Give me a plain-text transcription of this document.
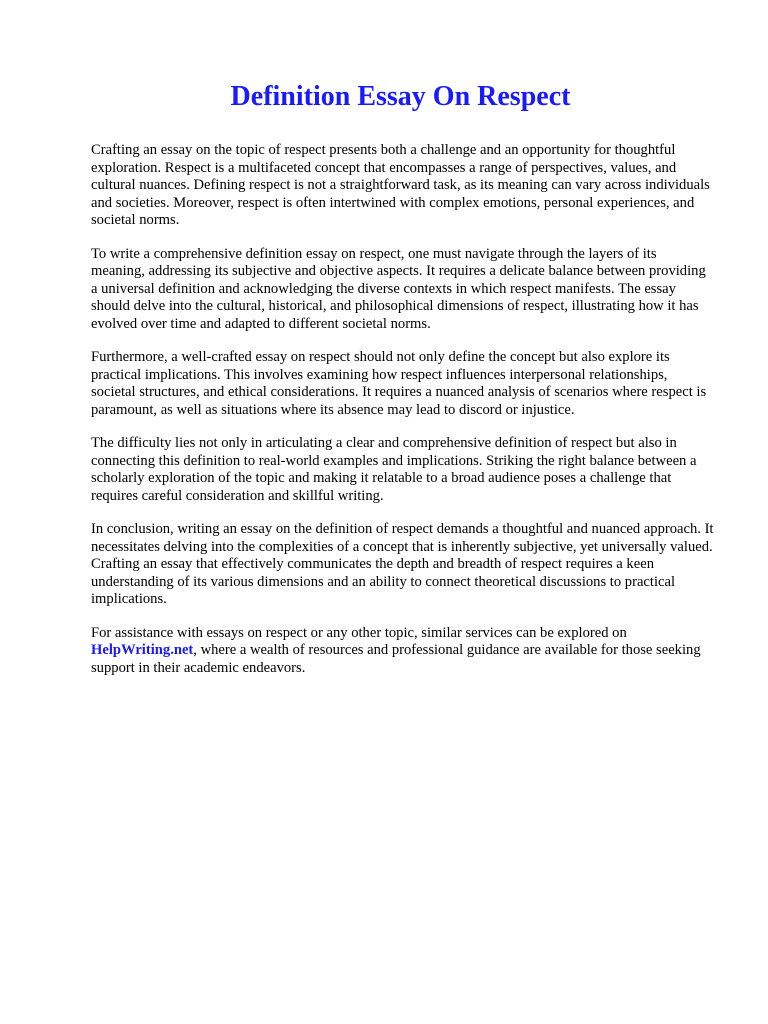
Definition Essay On Respect

Crafting an essay on the topic of respect presents both a challenge and an opportunity for thoughtful exploration. Respect is a multifaceted concept that encompasses a range of perspectives, values, and cultural nuances. Defining respect is not a straightforward task, as its meaning can vary across individuals and societies. Moreover, respect is often intertwined with complex emotions, personal experiences, and societal norms.

To write a comprehensive definition essay on respect, one must navigate through the layers of its meaning, addressing its subjective and objective aspects. It requires a delicate balance between providing a universal definition and acknowledging the diverse contexts in which respect manifests. The essay should delve into the cultural, historical, and philosophical dimensions of respect, illustrating how it has evolved over time and adapted to different societal norms.

Furthermore, a well-crafted essay on respect should not only define the concept but also explore its practical implications. This involves examining how respect influences interpersonal relationships, societal structures, and ethical considerations. It requires a nuanced analysis of scenarios where respect is paramount, as well as situations where its absence may lead to discord or injustice.

The difficulty lies not only in articulating a clear and comprehensive definition of respect but also in connecting this definition to real-world examples and implications. Striking the right balance between a scholarly exploration of the topic and making it relatable to a broad audience poses a challenge that requires careful consideration and skillful writing.

In conclusion, writing an essay on the definition of respect demands a thoughtful and nuanced approach. It necessitates delving into the complexities of a concept that is inherently subjective, yet universally valued. Crafting an essay that effectively communicates the depth and breadth of respect requires a keen understanding of its various dimensions and an ability to connect theoretical discussions to practical implications.

For assistance with essays on respect or any other topic, similar services can be explored on HelpWriting.net, where a wealth of resources and professional guidance are available for those seeking support in their academic endeavors.
